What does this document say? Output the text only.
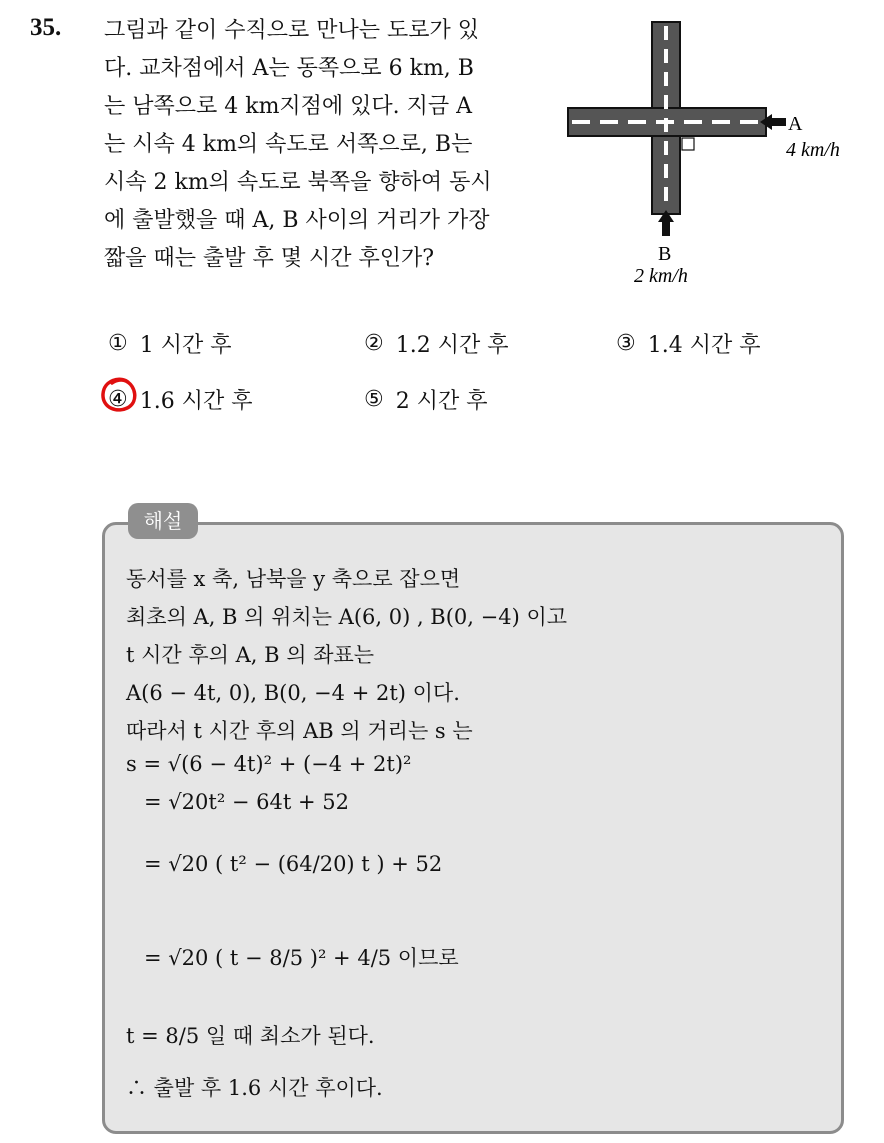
35. 그림과 같이 수직으로 만나는 도로가 있
다. 교차점에서 A는 동쪽으로 6 km, B
는 남쪽으로 4 km지점에 있다. 지금 A
는 시속 4 km의 속도로 서쪽으로, B는
시속 2 km의 속도로 북쪽을 향하여 동시
에 출발했을 때 A, B 사이의 거리가 가장
짧을 때는 출발 후 몇 시간 후인가?
A
4 km/h
B
2 km/h
① 1 시간 후	② 1.2 시간 후	③ 1.4 시간 후
④ 1.6 시간 후	⑤ 2 시간 후
해설
동서를 x 축, 남북을 y 축으로 잡으면
최초의 A, B 의 위치는 A(6, 0) , B(0, −4) 이고
t 시간 후의 A, B 의 좌표는
A(6 − 4t, 0), B(0, −4 + 2t) 이다.
따라서 t 시간 후의 AB 의 거리는 s 는
s = √(6 − 4t)² + (−4 + 2t)²
= √20t² − 64t + 52
= √20 ( t² − (64/20) t ) + 52
= √20 ( t − 8/5 )² + 4/5 이므로
t = 8/5 일 때 최소가 된다.
∴ 출발 후 1.6 시간 후이다.
